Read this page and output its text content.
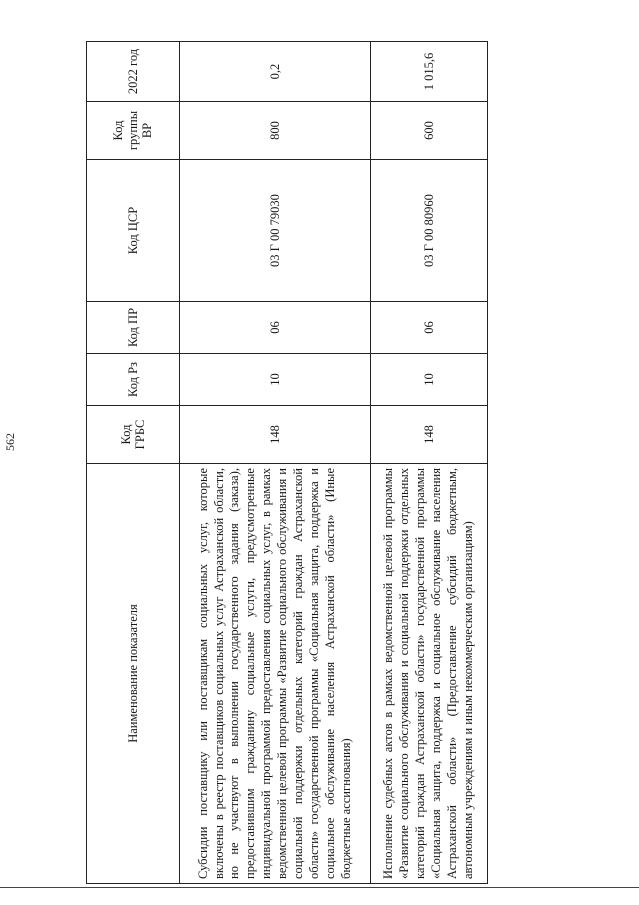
562
Наименование показателя	Код ГРБС	Код Рз	Код ПР	Код ЦСР	Код группы ВР	2022 год
Субсидии поставщику или поставщикам социальных услуг, которые включены в реестр поставщиков социальных услуг Астраханской области, но не участвуют в выполнении государственного задания (заказа), предоставившим гражданину социальные услуги, предусмотренные индивидуальной программой предоставления социальных услуг, в рамках ведомственной целевой программы «Развитие социального обслуживания и социальной поддержки отдельных категорий граждан Астраханской области» государственной программы «Социальная защита, поддержка и социальное обслуживание населения Астраханской области» (Иные бюджетные ассигнования)	148	10	06	03 Г 00 79030	800	0,2
Исполнение судебных актов в рамках ведомственной целевой программы «Развитие социального обслуживания и социальной поддержки отдельных категорий граждан Астраханской области» государственной программы «Социальная защита, поддержка и социальное обслуживание населения Астраханской области» (Предоставление субсидий бюджетным, автономным учреждениям и иным некоммерческим организациям)	148	10	06	03 Г 00 80960	600	1 015,6
